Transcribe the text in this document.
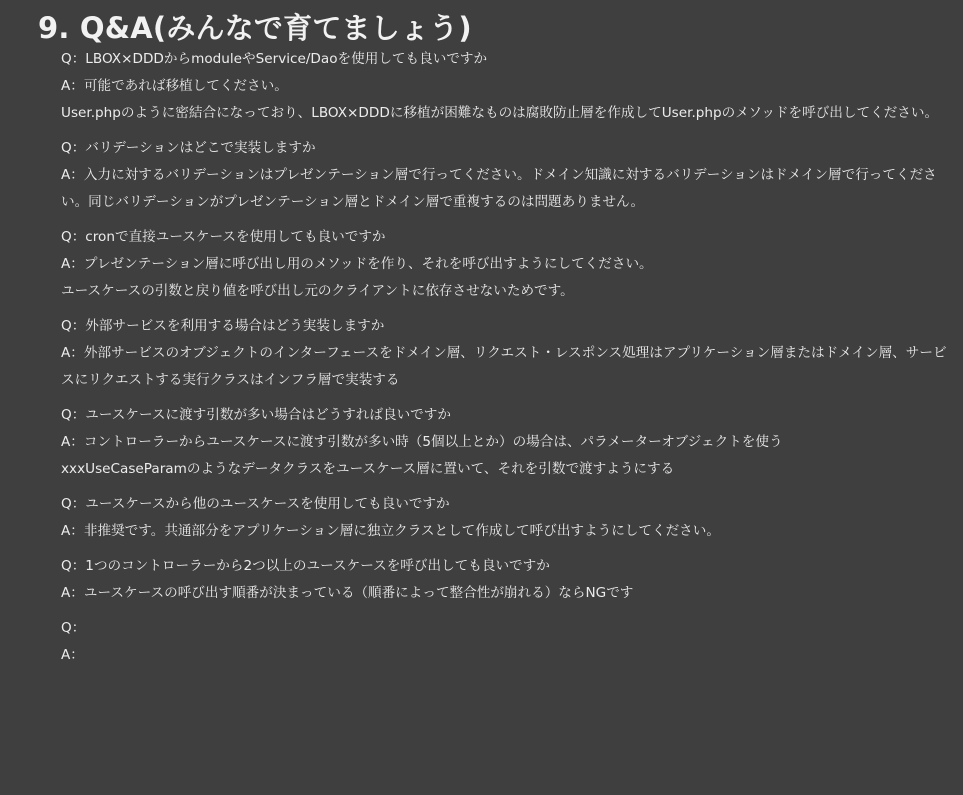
9. Q&A(みんなで育てましょう)

Q：LBOX×DDDからmoduleやService/Daoを使用しても良いですか

A：可能であれば移植してください。

User.phpのように密結合になっており、LBOX×DDDに移植が困難なものは腐敗防止層を作成してUser.phpのメソッドを呼び出してください。

Q：バリデーションはどこで実装しますか

A：入力に対するバリデーションはプレゼンテーション層で行ってください。ドメイン知識に対するバリデーションはドメイン層で行ってください。同じバリデーションがプレゼンテーション層とドメイン層で重複するのは問題ありません。

Q：cronで直接ユースケースを使用しても良いですか

A：プレゼンテーション層に呼び出し用のメソッドを作り、それを呼び出すようにしてください。

ユースケースの引数と戻り値を呼び出し元のクライアントに依存させないためです。

Q：外部サービスを利用する場合はどう実装しますか

A：外部サービスのオブジェクトのインターフェースをドメイン層、リクエスト・レスポンス処理はアプリケーション層またはドメイン層、サービスにリクエストする実行クラスはインフラ層で実装する

Q：ユースケースに渡す引数が多い場合はどうすれば良いですか

A：コントローラーからユースケースに渡す引数が多い時（5個以上とか）の場合は、パラメーターオブジェクトを使う

xxxUseCaseParamのようなデータクラスをユースケース層に置いて、それを引数で渡すようにする

Q：ユースケースから他のユースケースを使用しても良いですか

A：非推奨です。共通部分をアプリケーション層に独立クラスとして作成して呼び出すようにしてください。

Q：1つのコントローラーから2つ以上のユースケースを呼び出しても良いですか

A：ユースケースの呼び出す順番が決まっている（順番によって整合性が崩れる）ならNGです

Q：

A：
